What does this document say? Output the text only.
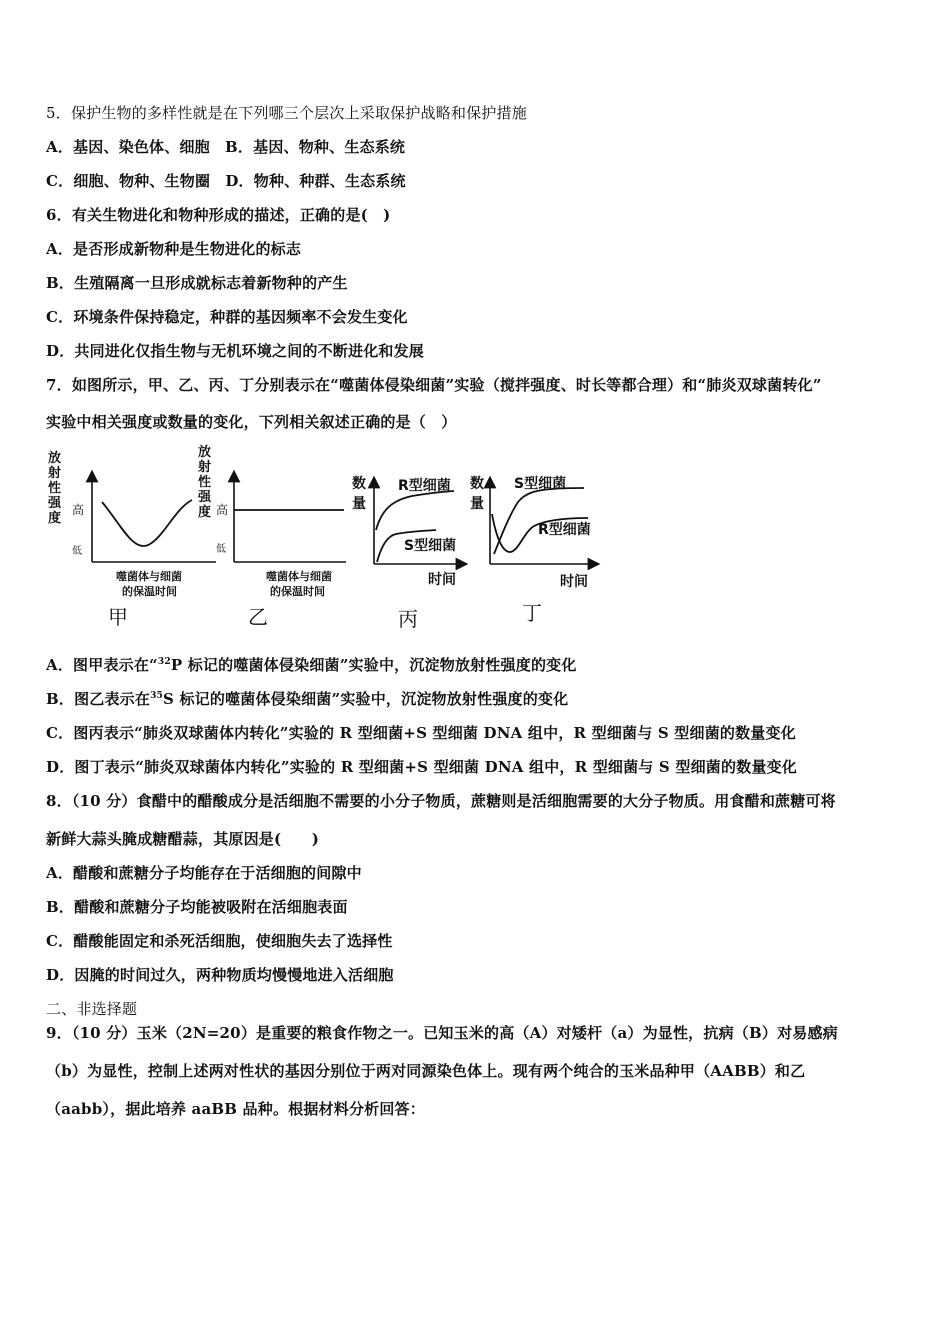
5．保护生物的多样性就是在下列哪三个层次上采取保护战略和保护措施
A．基因、染色体、细胞　B．基因、物种、生态系统
C．细胞、物种、生物圈　D．物种、种群、生态系统
6．有关生物进化和物种形成的描述，正确的是(　)
A．是否形成新物种是生物进化的标志
B．生殖隔离一旦形成就标志着新物种的产生
C．环境条件保持稳定，种群的基因频率不会发生变化
D．共同进化仅指生物与无机环境之间的不断进化和发展
7．如图所示，甲、乙、丙、丁分别表示在“噬菌体侵染细菌”实验（搅拌强度、时长等都合理）和“肺炎双球菌转化”
实验中相关强度或数量的变化，下列相关叙述正确的是（　）
放
射
性
强
度
高
低
噬菌体与细菌
的保温时间
甲
放
射
性
强
度 高
低
噬菌体与细菌
的保温时间
乙
数
量
R型细菌
S型细菌
时间
丙
数
量
S型细菌
R型细菌
时间
丁
A．图甲表示在“$^{32}$P 标记的噬菌体侵染细菌”实验中，沉淀物放射性强度的变化
B．图乙表示在$^{35}$S 标记的噬菌体侵染细菌”实验中，沉淀物放射性强度的变化
C．图丙表示“肺炎双球菌体内转化”实验的 R 型细菌+S 型细菌 DNA 组中，R 型细菌与 S 型细菌的数量变化
D．图丁表示“肺炎双球菌体内转化”实验的 R 型细菌+S 型细菌 DNA 组中，R 型细菌与 S 型细菌的数量变化
8．（10 分）食醋中的醋酸成分是活细胞不需要的小分子物质，蔗糖则是活细胞需要的大分子物质。用食醋和蔗糖可将
新鲜大蒜头腌成糖醋蒜，其原因是(　　)
A．醋酸和蔗糖分子均能存在于活细胞的间隙中
B．醋酸和蔗糖分子均能被吸附在活细胞表面
C．醋酸能固定和杀死活细胞，使细胞失去了选择性
D．因腌的时间过久，两种物质均慢慢地进入活细胞
二、非选择题
9．（10 分）玉米（2N=20）是重要的粮食作物之一。已知玉米的高（A）对矮杆（a）为显性，抗病（B）对易感病
（b）为显性，控制上述两对性状的基因分别位于两对同源染色体上。现有两个纯合的玉米品种甲（AABB）和乙
（aabb），据此培养 aaBB 品种。根据材料分析回答：
